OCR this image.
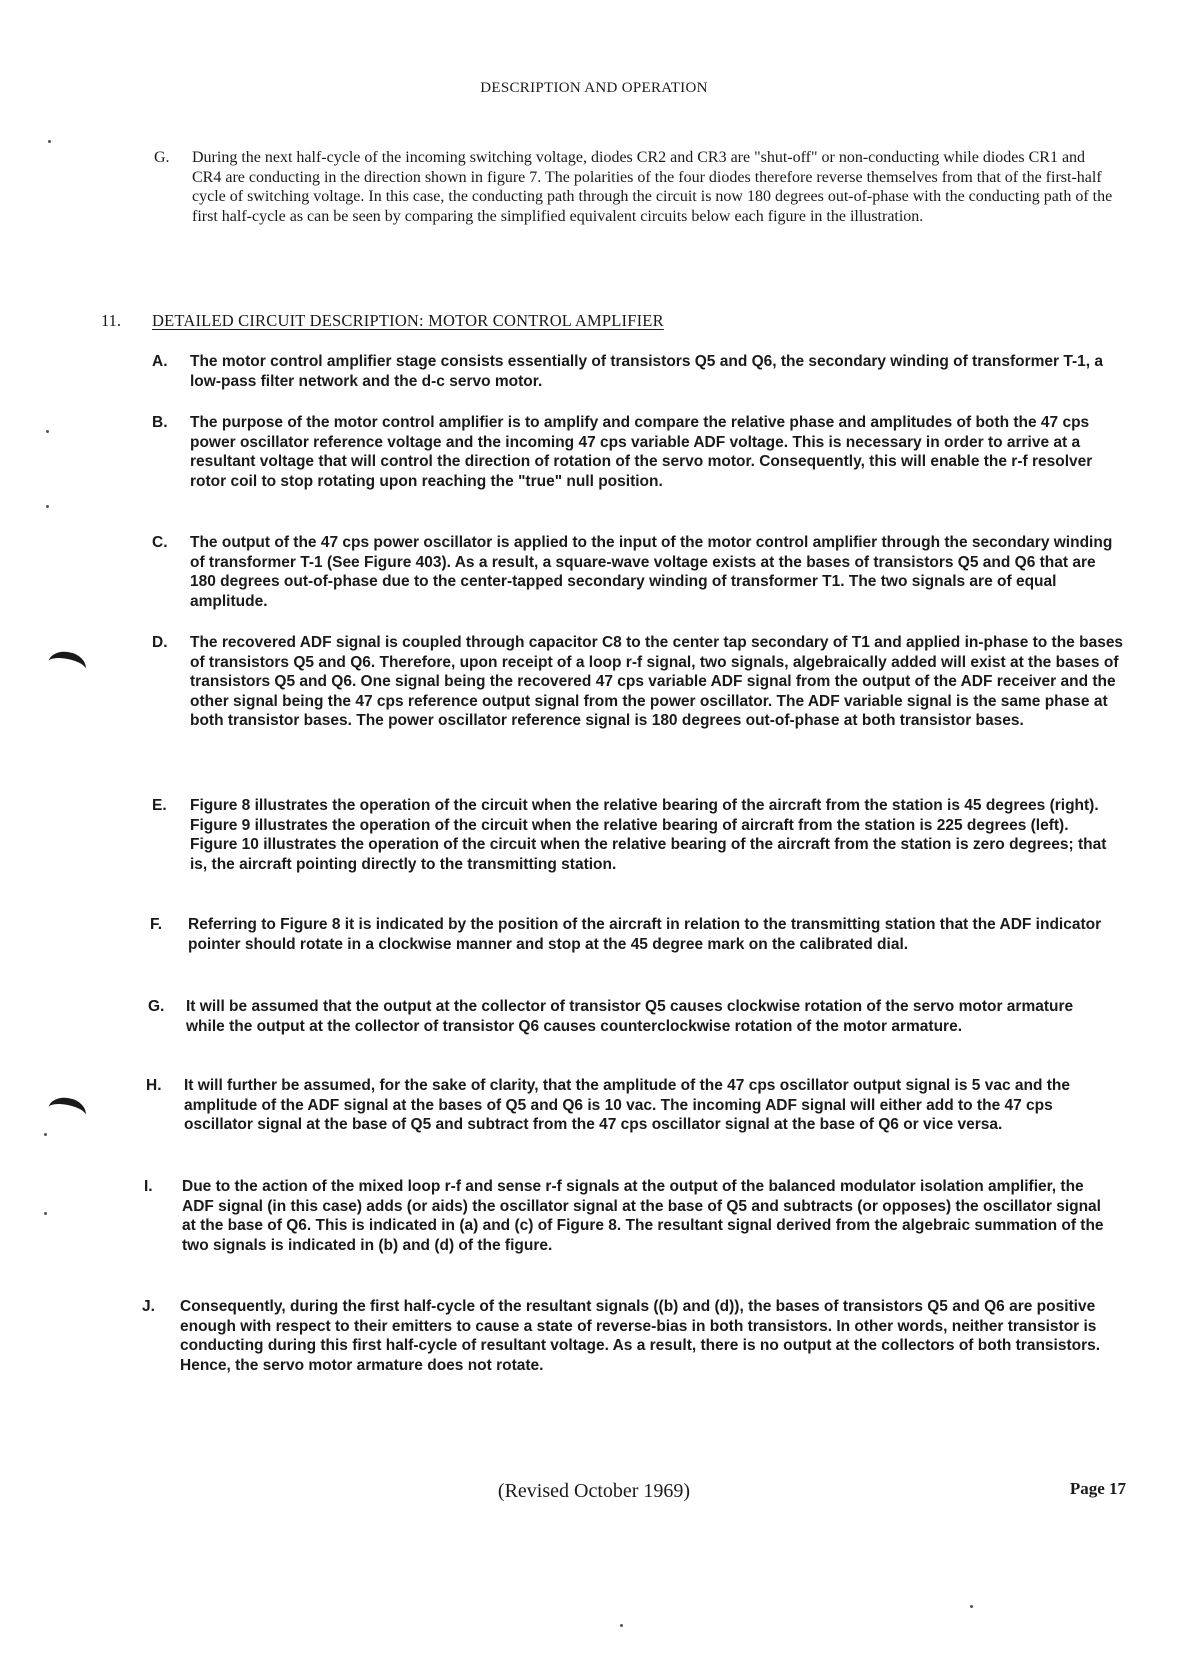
DESCRIPTION AND OPERATION
G.	During the next half-cycle of the incoming switching voltage, diodes CR2 and CR3 are "shut-off" or non-conducting while diodes CR1 and CR4 are conducting in the direction shown in figure 7. The polarities of the four diodes therefore reverse themselves from that of the first-half cycle of switching voltage. In this case, the conducting path through the circuit is now 180 degrees out-of-phase with the conducting path of the first half-cycle as can be seen by comparing the simplified equivalent circuits below each figure in the illustration.
11.	DETAILED CIRCUIT DESCRIPTION: MOTOR CONTROL AMPLIFIER
A.	The motor control amplifier stage consists essentially of transistors Q5 and Q6, the secondary winding of transformer T-1, a low-pass filter network and the d-c servo motor.
B.	The purpose of the motor control amplifier is to amplify and compare the relative phase and amplitudes of both the 47 cps power oscillator reference voltage and the incoming 47 cps variable ADF voltage. This is necessary in order to arrive at a resultant voltage that will control the direction of rotation of the servo motor. Consequently, this will enable the r-f resolver rotor coil to stop rotating upon reaching the "true" null position.
C.	The output of the 47 cps power oscillator is applied to the input of the motor control amplifier through the secondary winding of transformer T-1 (See Figure 403). As a result, a square-wave voltage exists at the bases of transistors Q5 and Q6 that are 180 degrees out-of-phase due to the center-tapped secondary winding of transformer T1. The two signals are of equal amplitude.
D.	The recovered ADF signal is coupled through capacitor C8 to the center tap secondary of T1 and applied in-phase to the bases of transistors Q5 and Q6. Therefore, upon receipt of a loop r-f signal, two signals, algebraically added will exist at the bases of transistors Q5 and Q6. One signal being the recovered 47 cps variable ADF signal from the output of the ADF receiver and the other signal being the 47 cps reference output signal from the power oscillator. The ADF variable signal is the same phase at both transistor bases. The power oscillator reference signal is 180 degrees out-of-phase at both transistor bases.
E.	Figure 8 illustrates the operation of the circuit when the relative bearing of the aircraft from the station is 45 degrees (right). Figure 9 illustrates the operation of the circuit when the relative bearing of aircraft from the station is 225 degrees (left). Figure 10 illustrates the operation of the circuit when the relative bearing of the aircraft from the station is zero degrees; that is, the aircraft pointing directly to the transmitting station.
F.	Referring to Figure 8 it is indicated by the position of the aircraft in relation to the transmitting station that the ADF indicator pointer should rotate in a clockwise manner and stop at the 45 degree mark on the calibrated dial.
G.	It will be assumed that the output at the collector of transistor Q5 causes clockwise rotation of the servo motor armature while the output at the collector of transistor Q6 causes counterclockwise rotation of the motor armature.
H.	It will further be assumed, for the sake of clarity, that the amplitude of the 47 cps oscillator output signal is 5 vac and the amplitude of the ADF signal at the bases of Q5 and Q6 is 10 vac. The incoming ADF signal will either add to the 47 cps oscillator signal at the base of Q5 and subtract from the 47 cps oscillator signal at the base of Q6 or vice versa.
I.	Due to the action of the mixed loop r-f and sense r-f signals at the output of the balanced modulator isolation amplifier, the ADF signal (in this case) adds (or aids) the oscillator signal at the base of Q5 and subtracts (or opposes) the oscillator signal at the base of Q6. This is indicated in (a) and (c) of Figure 8. The resultant signal derived from the algebraic summation of the two signals is indicated in (b) and (d) of the figure.
J.	Consequently, during the first half-cycle of the resultant signals ((b) and (d)), the bases of transistors Q5 and Q6 are positive enough with respect to their emitters to cause a state of reverse-bias in both transistors. In other words, neither transistor is conducting during this first half-cycle of resultant voltage. As a result, there is no output at the collectors of both transistors. Hence, the servo motor armature does not rotate.
(Revised October 1969)	Page 17
